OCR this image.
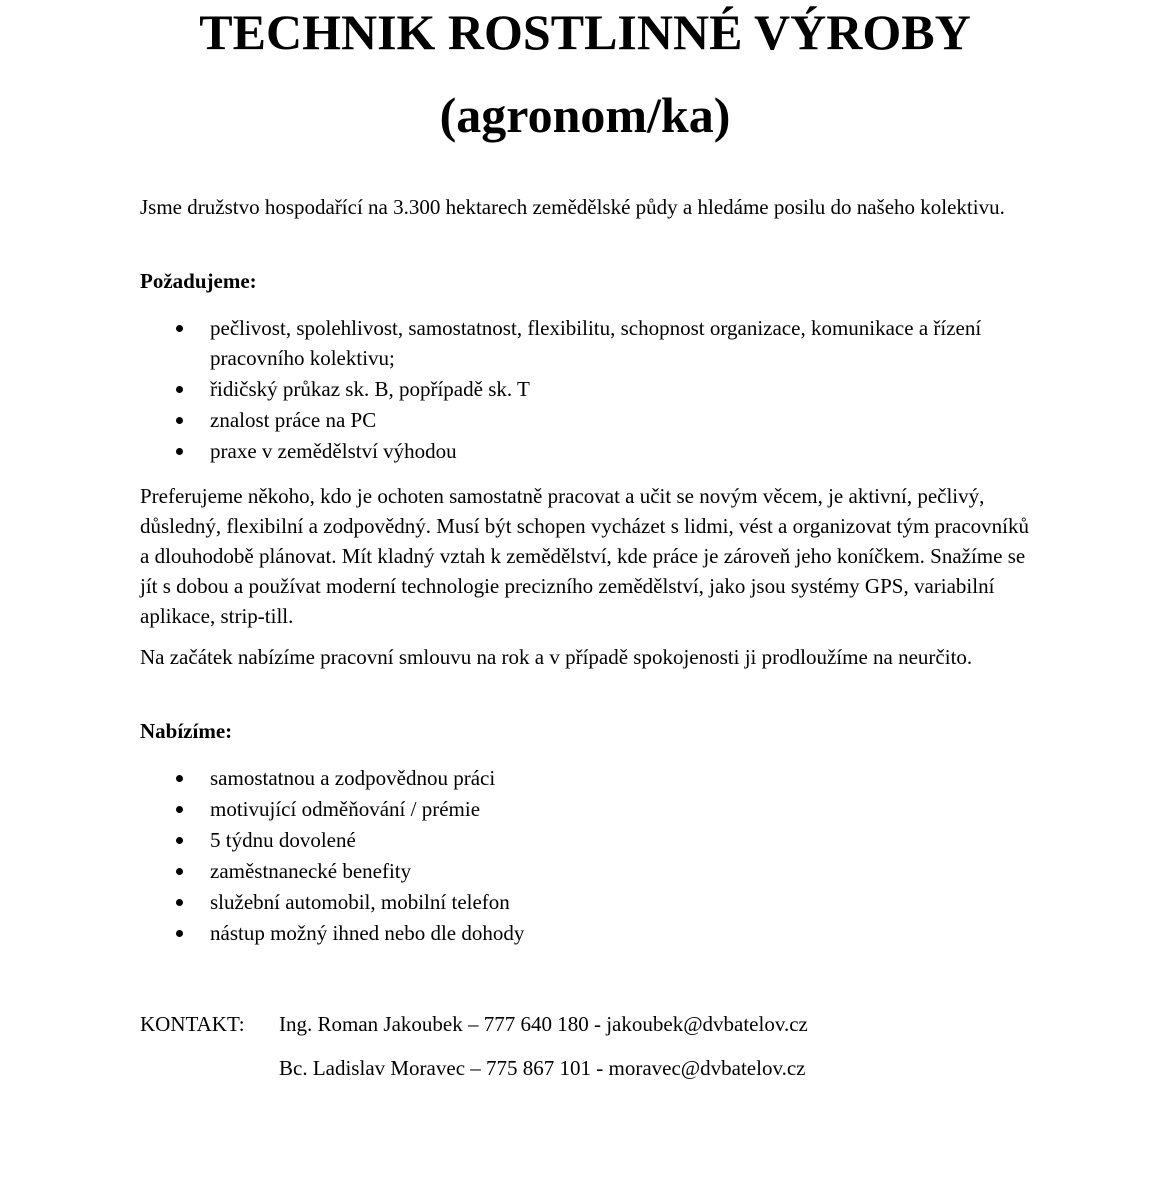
TECHNIK ROSTLINNÉ VÝROBY
(agronom/ka)

Jsme družstvo hospodařící na 3.300 hektarech zemědělské půdy a hledáme posilu do našeho kolektivu.

Požadujeme:

pečlivost, spolehlivost, samostatnost, flexibilitu, schopnost organizace, komunikace a řízení pracovního kolektivu;
řidičský průkaz sk. B, popřípadě sk. T
znalost práce na PC
praxe v zemědělství výhodou

Preferujeme někoho, kdo je ochoten samostatně pracovat a učit se novým věcem, je aktivní, pečlivý, důsledný, flexibilní a zodpovědný. Musí být schopen vycházet s lidmi, vést a organizovat tým pracovníků a dlouhodobě plánovat. Mít kladný vztah k zemědělství, kde práce je zároveň jeho koníčkem. Snažíme se jít s dobou a používat moderní technologie precizního zemědělství, jako jsou systémy GPS, variabilní aplikace, strip-till.

Na začátek nabízíme pracovní smlouvu na rok a v případě spokojenosti ji prodloužíme na neurčito.

Nabízíme:

samostatnou a zodpovědnou práci
motivující odměňování / prémie
5 týdnu dovolené
zaměstnanecké benefity
služební automobil, mobilní telefon
nástup možný ihned nebo dle dohody

KONTAKT: Ing. Roman Jakoubek – 777 640 180 - jakoubek@dvbatelov.cz

Bc. Ladislav Moravec – 775 867 101 - moravec@dvbatelov.cz
